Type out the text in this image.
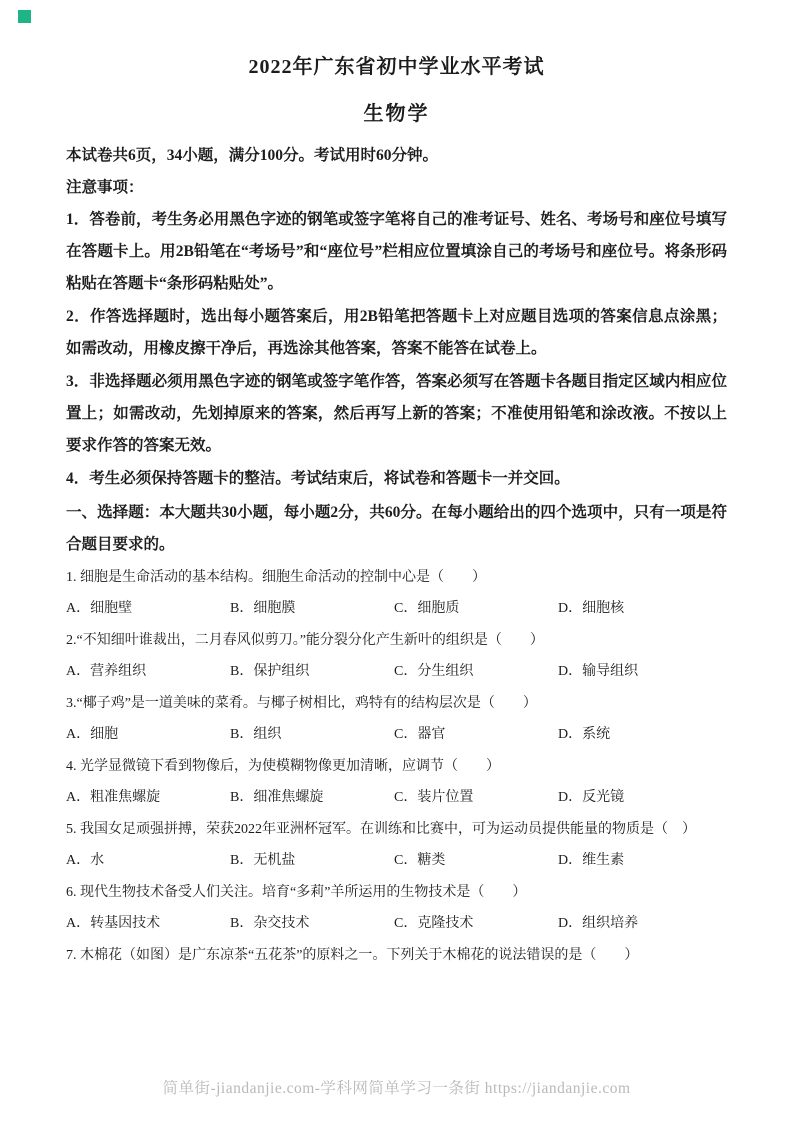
2022年广东省初中学业水平考试
生物学

本试卷共6页，34小题，满分100分。考试用时60分钟。

注意事项：

1．答卷前，考生务必用黑色字迹的钢笔或签字笔将自己的准考证号、姓名、考场号和座位号填写在答题卡上。用2B铅笔在“考场号”和“座位号”栏相应位置填涂自己的考场号和座位号。将条形码粘贴在答题卡“条形码粘贴处”。

2．作答选择题时，选出每小题答案后，用2B铅笔把答题卡上对应题目选项的答案信息点涂黑；如需改动，用橡皮擦干净后，再选涂其他答案，答案不能答在试卷上。

3．非选择题必须用黑色字迹的钢笔或签字笔作答，答案必须写在答题卡各题目指定区域内相应位置上；如需改动，先划掉原来的答案，然后再写上新的答案；不准使用铅笔和涂改液。不按以上要求作答的答案无效。

4．考生必须保持答题卡的整洁。考试结束后，将试卷和答题卡一并交回。

一、选择题：本大题共30小题，每小题2分，共60分。在每小题给出的四个选项中，只有一项是符合题目要求的。

1. 细胞是生命活动的基本结构。细胞生命活动的控制中心是（　　）

A．细胞壁	B．细胞膜	C．细胞质	D．细胞核

2.“不知细叶谁裁出，二月春风似剪刀。”能分裂分化产生新叶的组织是（　　）

A．营养组织	B．保护组织	C．分生组织	D．输导组织

3.“椰子鸡”是一道美味的菜肴。与椰子树相比，鸡特有的结构层次是（　　）

A．细胞	B．组织	C．器官	D．系统

4. 光学显微镜下看到物像后，为使模糊物像更加清晰，应调节（　　）

A．粗准焦螺旋	B．细准焦螺旋	C．装片位置	D．反光镜

5. 我国女足顽强拼搏，荣获2022年亚洲杯冠军。在训练和比赛中，可为运动员提供能量的物质是（　）

A．水	B．无机盐	C．糖类	D．维生素

6. 现代生物技术备受人们关注。培育“多莉”羊所运用的生物技术是（　　）

A．转基因技术	B．杂交技术	C．克隆技术	D．组织培养

7. 木棉花（如图）是广东凉茶“五花茶”的原料之一。下列关于木棉花的说法错误的是（　　）

简单街-jiandanjie.com-学科网简单学习一条街 https://jiandanjie.com
